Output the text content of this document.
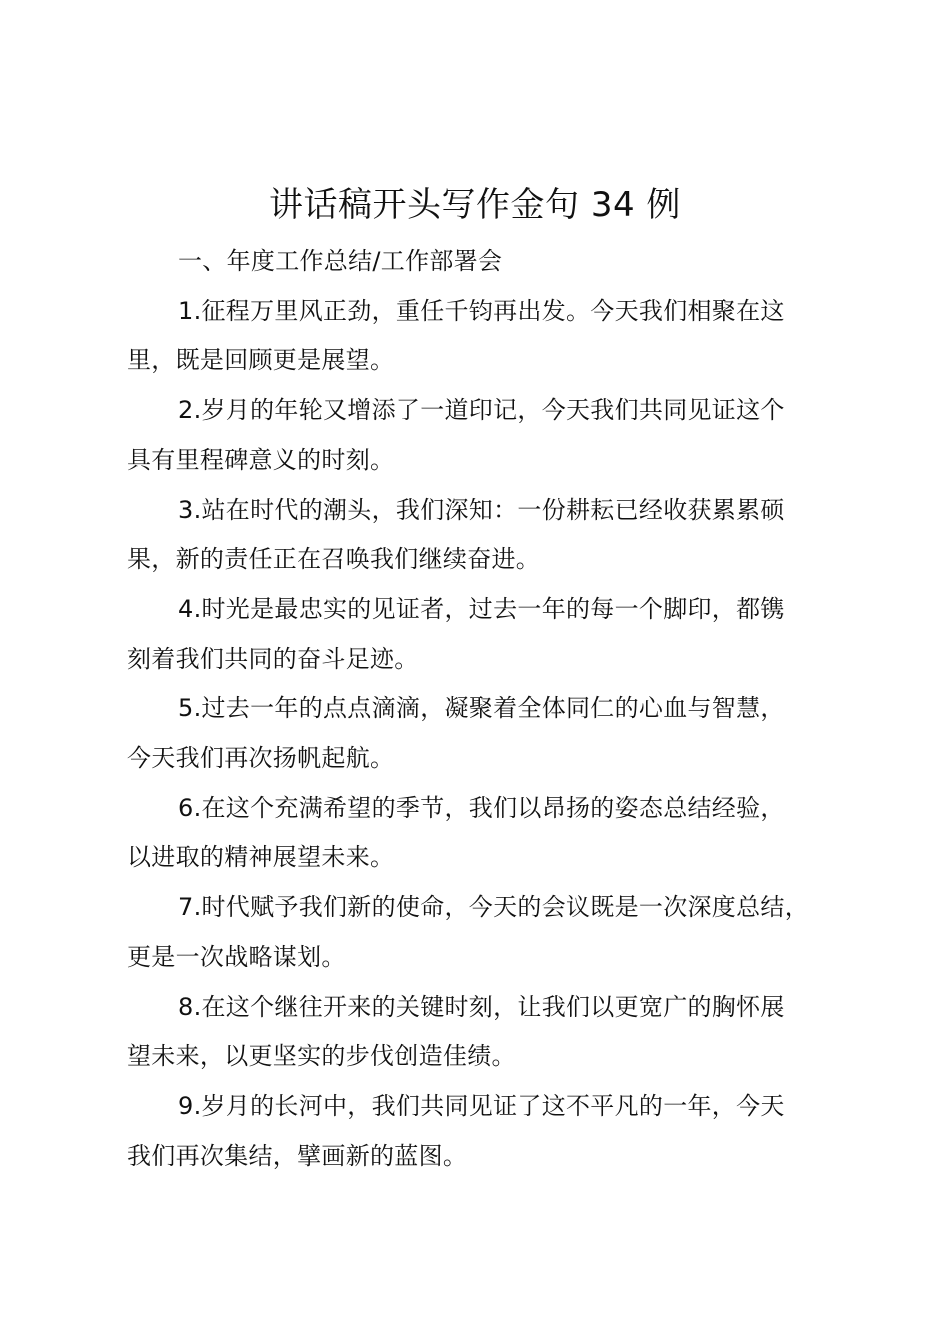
讲话稿开头写作金句 34 例

一、年度工作总结/工作部署会

1.征程万里风正劲，重任千钧再出发。今天我们相聚在这
里，既是回顾更是展望。

2.岁月的年轮又增添了一道印记，今天我们共同见证这个
具有里程碑意义的时刻。

3.站在时代的潮头，我们深知：一份耕耘已经收获累累硕
果，新的责任正在召唤我们继续奋进。

4.时光是最忠实的见证者，过去一年的每一个脚印，都镌
刻着我们共同的奋斗足迹。

5.过去一年的点点滴滴，凝聚着全体同仁的心血与智慧，
今天我们再次扬帆起航。

6.在这个充满希望的季节，我们以昂扬的姿态总结经验，
以进取的精神展望未来。

7.时代赋予我们新的使命，今天的会议既是一次深度总结，
更是一次战略谋划。

8.在这个继往开来的关键时刻，让我们以更宽广的胸怀展
望未来，以更坚实的步伐创造佳绩。

9.岁月的长河中，我们共同见证了这不平凡的一年，今天
我们再次集结，擘画新的蓝图。
